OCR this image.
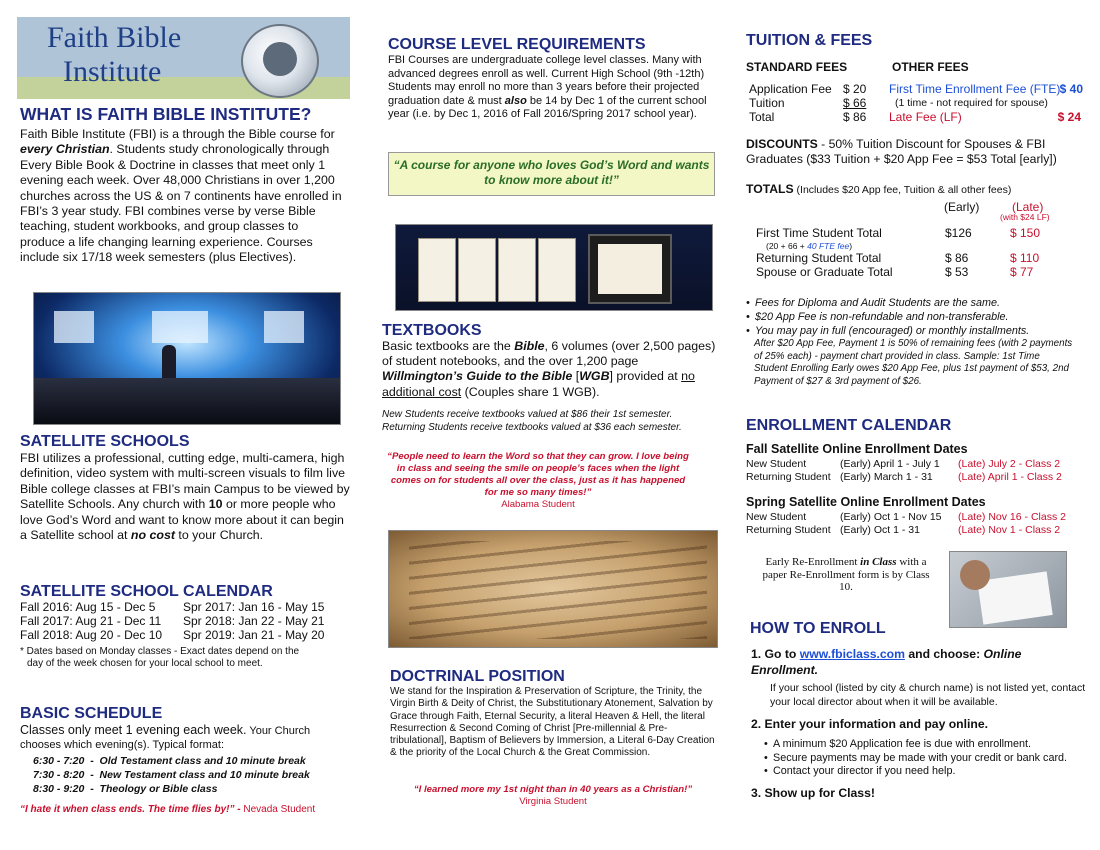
Faith Bible
Institute
WHAT IS FAITH BIBLE INSTITUTE?
Faith Bible Institute (FBI) is a through the Bible course for every Christian. Students study chronologically through Every Bible Book & Doctrine in classes that meet only 1 evening each week. Over 48,000 Christians in over 1,200 churches across the US & on 7 continents have enrolled in FBI’s 3 year study. FBI combines verse by verse Bible teaching, student workbooks, and group classes to produce a life changing learning experience. Courses include six 17/18 week semesters (plus Electives).
SATELLITE SCHOOLS
FBI utilizes a professional, cutting edge, multi-camera, high definition, video system with multi-screen visuals to film live Bible college classes at FBI’s main Campus to be viewed by Satellite Schools. Any church with 10 or more people who love God’s Word and want to know more about it can begin a Satellite school at no cost to your Church.
SATELLITE SCHOOL CALENDAR
Fall 2016: Aug 15 - Dec 5 Spr 2017: Jan 16 - May 15
Fall 2017: Aug 21 - Dec 11 Spr 2018: Jan 22 - May 21
Fall 2018: Aug 20 - Dec 10 Spr 2019: Jan 21 - May 20
* Dates based on Monday classes - Exact dates depend on the
day of the week chosen for your local school to meet.
BASIC SCHEDULE
Classes only meet 1 evening each week. Your Church chooses which evening(s). Typical format:
6:30 - 7:20  -  Old Testament class and 10 minute break
7:30 - 8:20  -  New Testament class and 10 minute break
8:30 - 9:20  -  Theology or Bible class
“I hate it when class ends. The time flies by!” - Nevada Student
COURSE LEVEL REQUIREMENTS
FBI Courses are undergraduate college level classes. Many with advanced degrees enroll as well. Current High School (9th -12th) Students may enroll no more than 3 years before their projected graduation date & must also be 14 by Dec 1 of the current school year (i.e. by Dec 1, 2016 of Fall 2016/Spring 2017 school year).
“A course for anyone who loves God’s Word and wants to know more about it!”
TEXTBOOKS
Basic textbooks are the Bible, 6 volumes (over 2,500 pages) of student notebooks, and the over 1,200 page Willmington’s Guide to the Bible [WGB] provided at no additional cost (Couples share 1 WGB).
New Students receive textbooks valued at $86 their 1st semester.
Returning Students receive textbooks valued at $36 each semester.
“People need to learn the Word so that they can grow. I love being in class and seeing the smile on people’s faces when the light comes on for students all over the class, just as it has happened for me so many times!”
Alabama Student
DOCTRINAL POSITION
We stand for the Inspiration & Preservation of Scripture, the Trinity, the Virgin Birth & Deity of Christ, the Substitutionary Atonement, Salvation by Grace through Faith, Eternal Security, a literal Heaven & Hell, the literal Resurrection & Second Coming of Christ [Pre-millennial & Pre-tribulational], Baptism of Believers by Immersion, a Literal 6-Day Creation & the priority of the Local Church & the Great Commission.
“I learned more my 1st night than in 40 years as a Christian!”
Virginia Student
TUITION & FEES
STANDARD FEES	OTHER FEES
Application Fee $ 20
Tuition	$ 66
Total	$ 86
First Time Enrollment Fee (FTE) $ 40
(1 time - not required for spouse)
Late Fee (LF)	$ 24
DISCOUNTS - 50% Tuition Discount for Spouses & FBI Graduates ($33 Tuition + $20 App Fee = $53 Total [early])
TOTALS (Includes $20 App fee, Tuition & all other fees)
(Early)	(Late)
(with $24 LF)
First Time Student Total	$126	$ 150
(20 + 66 + 40 FTE fee)
Returning Student Total	$ 86	$ 110
Spouse or Graduate Total	$ 53	$ 77
• Fees for Diploma and Audit Students are the same.
• $20 App Fee is non-refundable and non-transferable.
• You may pay in full (encouraged) or monthly installments.
After $20 App Fee, Payment 1 is 50% of remaining fees (with 2 payments of 25% each) - payment chart provided in class. Sample: 1st Time Student Enrolling Early owes $20 App Fee, plus 1st payment of $53, 2nd Payment of $27 & 3rd payment of $26.
ENROLLMENT CALENDAR
Fall Satellite Online Enrollment Dates
New Student	(Early) April 1 - July 1 (Late) July 2 - Class 2
Returning Student (Early) March 1 - 31 (Late) April 1 - Class 2
Spring Satellite Online Enrollment Dates
New Student	(Early) Oct 1 - Nov 15 (Late) Nov 16 - Class 2
Returning Student (Early) Oct 1 - 31	(Late) Nov 1 - Class 2
Early Re-Enrollment in Class with a paper Re-Enrollment form is by Class 10.
HOW TO ENROLL
1. Go to www.fbiclass.com and choose: Online Enrollment.
If your school (listed by city & church name) is not listed yet, contact your local director about when it will be available.
2. Enter your information and pay online.
• A minimum $20 Application fee is due with enrollment.
• Secure payments may be made with your credit or bank card.
• Contact your director if you need help.
3. Show up for Class!
